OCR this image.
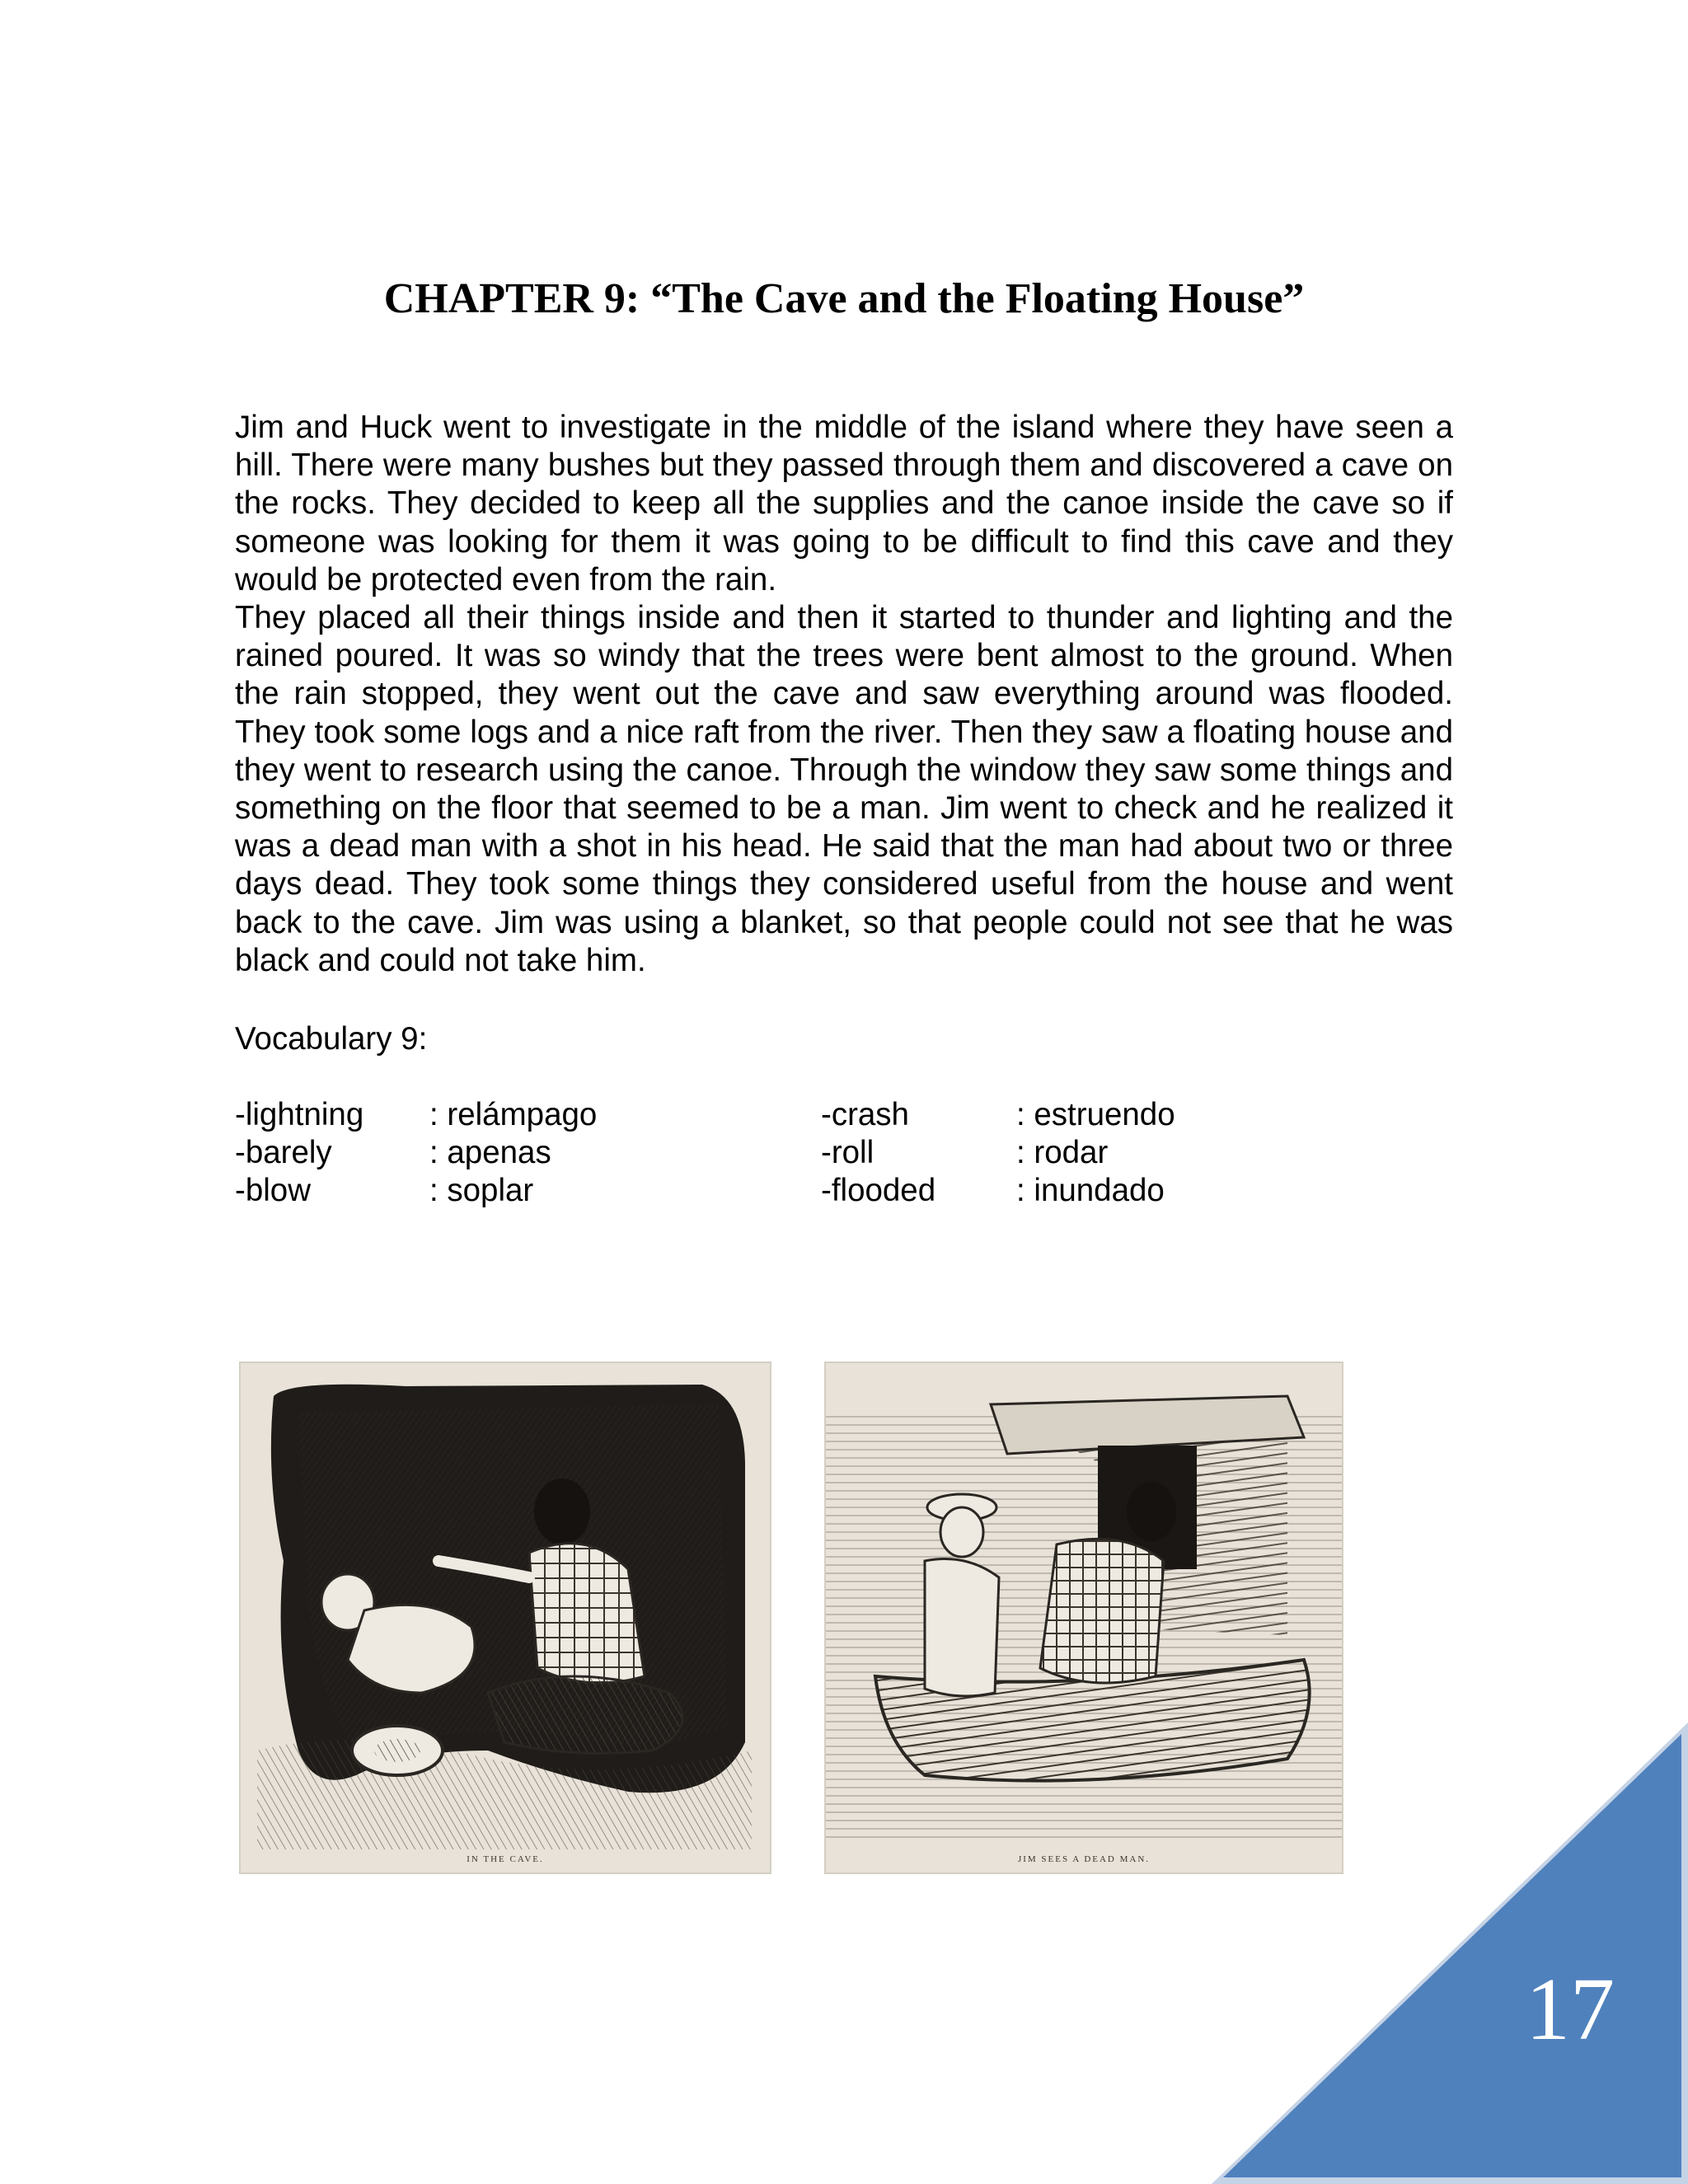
CHAPTER 9: “The Cave and the Floating House”

Jim and Huck went to investigate in the middle of the island where they have seen a hill. There were many bushes but they passed through them and discovered a cave on the rocks. They decided to keep all the supplies and the canoe inside the cave so if someone was looking for them it was going to be difficult to find this cave and they would be protected even from the rain.

They placed all their things inside and then it started to thunder and lighting and the rained poured. It was so windy that the trees were bent almost to the ground. When the rain stopped, they went out the cave and saw everything around was flooded. They took some logs and a nice raft from the river. Then they saw a floating house and they went to research using the canoe. Through the window they saw some things and something on the floor that seemed to be a man. Jim went to check and he realized it was a dead man with a shot in his head. He said that the man had about two or three days dead. They took some things they considered useful from the house and went back to the cave. Jim was using a blanket, so that people could not see that he was black and could not take him.

Vocabulary 9:

-lightning : relámpago	-crash	: estruendo
-barely	: apenas	-roll	: rodar
-blow	: soplar	-flooded	: inundado
IN THE CAVE.	JIM SEES A DEAD MAN.
17
